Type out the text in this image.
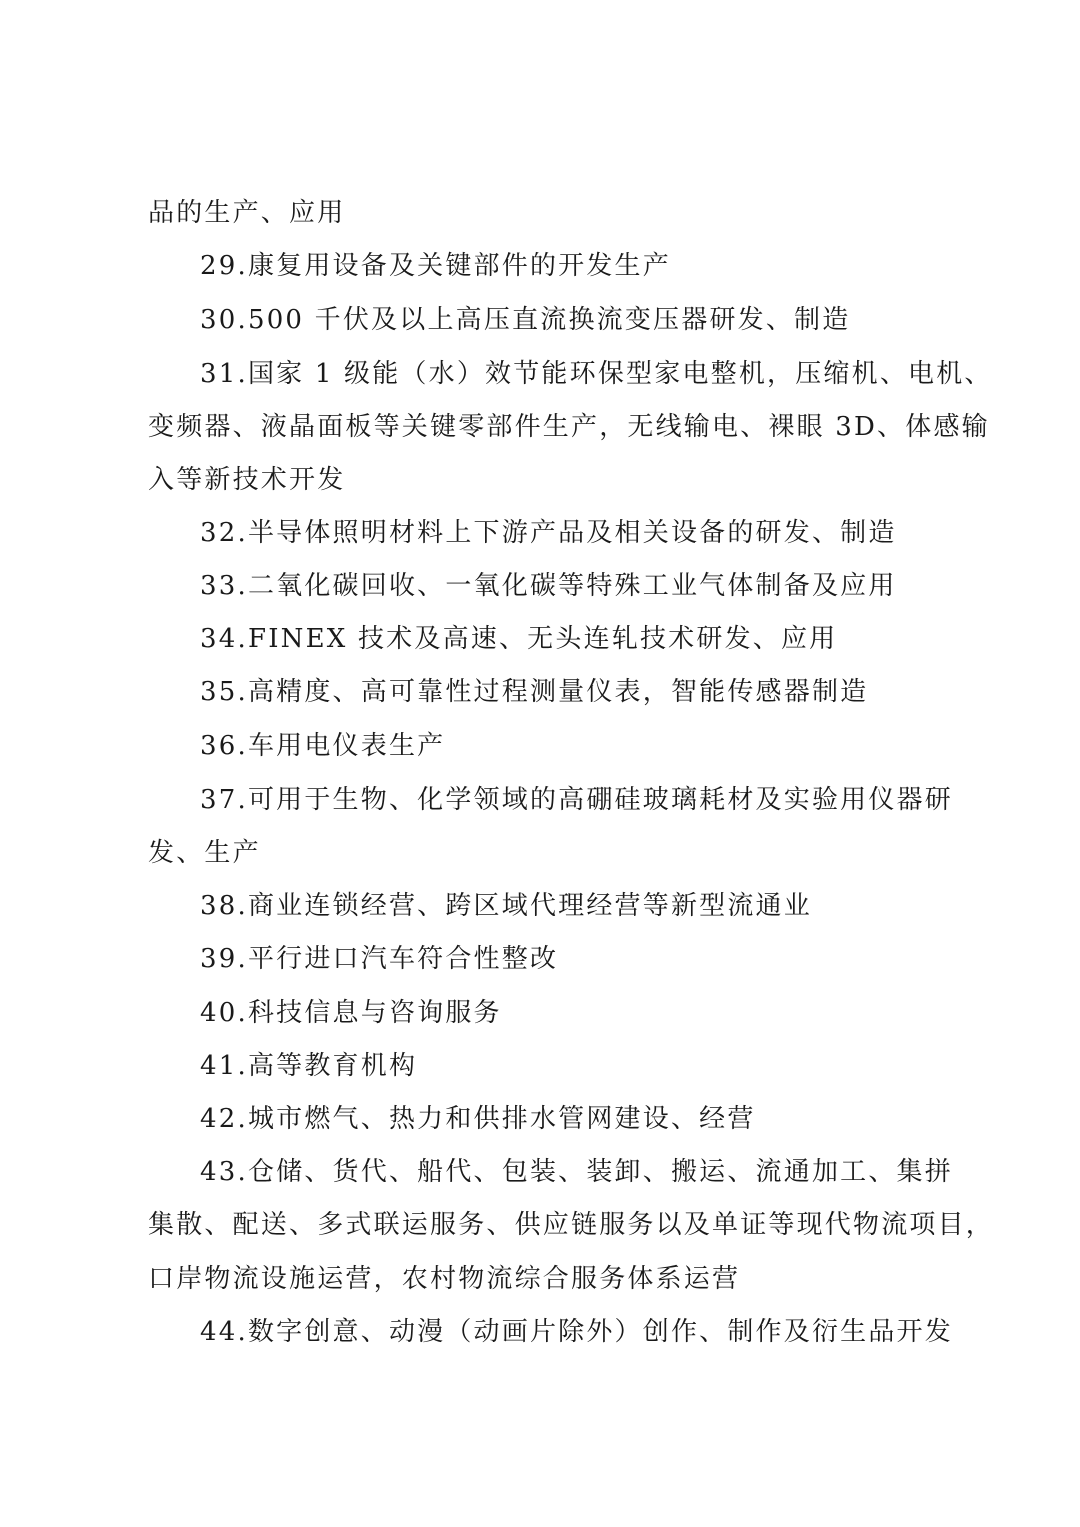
品的生产、应用
29.康复用设备及关键部件的开发生产
30.500 千伏及以上高压直流换流变压器研发、制造
31.国家 1 级能（水）效节能环保型家电整机，压缩机、电机、
变频器、液晶面板等关键零部件生产，无线输电、裸眼 3D、体感输
入等新技术开发
32.半导体照明材料上下游产品及相关设备的研发、制造
33.二氧化碳回收、一氧化碳等特殊工业气体制备及应用
34.FINEX 技术及高速、无头连轧技术研发、应用
35.高精度、高可靠性过程测量仪表，智能传感器制造
36.车用电仪表生产
37.可用于生物、化学领域的高硼硅玻璃耗材及实验用仪器研
发、生产
38.商业连锁经营、跨区域代理经营等新型流通业
39.平行进口汽车符合性整改
40.科技信息与咨询服务
41.高等教育机构
42.城市燃气、热力和供排水管网建设、经营
43.仓储、货代、船代、包装、装卸、搬运、流通加工、集拼
集散、配送、多式联运服务、供应链服务以及单证等现代物流项目，
口岸物流设施运营，农村物流综合服务体系运营
44.数字创意、动漫（动画片除外）创作、制作及衍生品开发
